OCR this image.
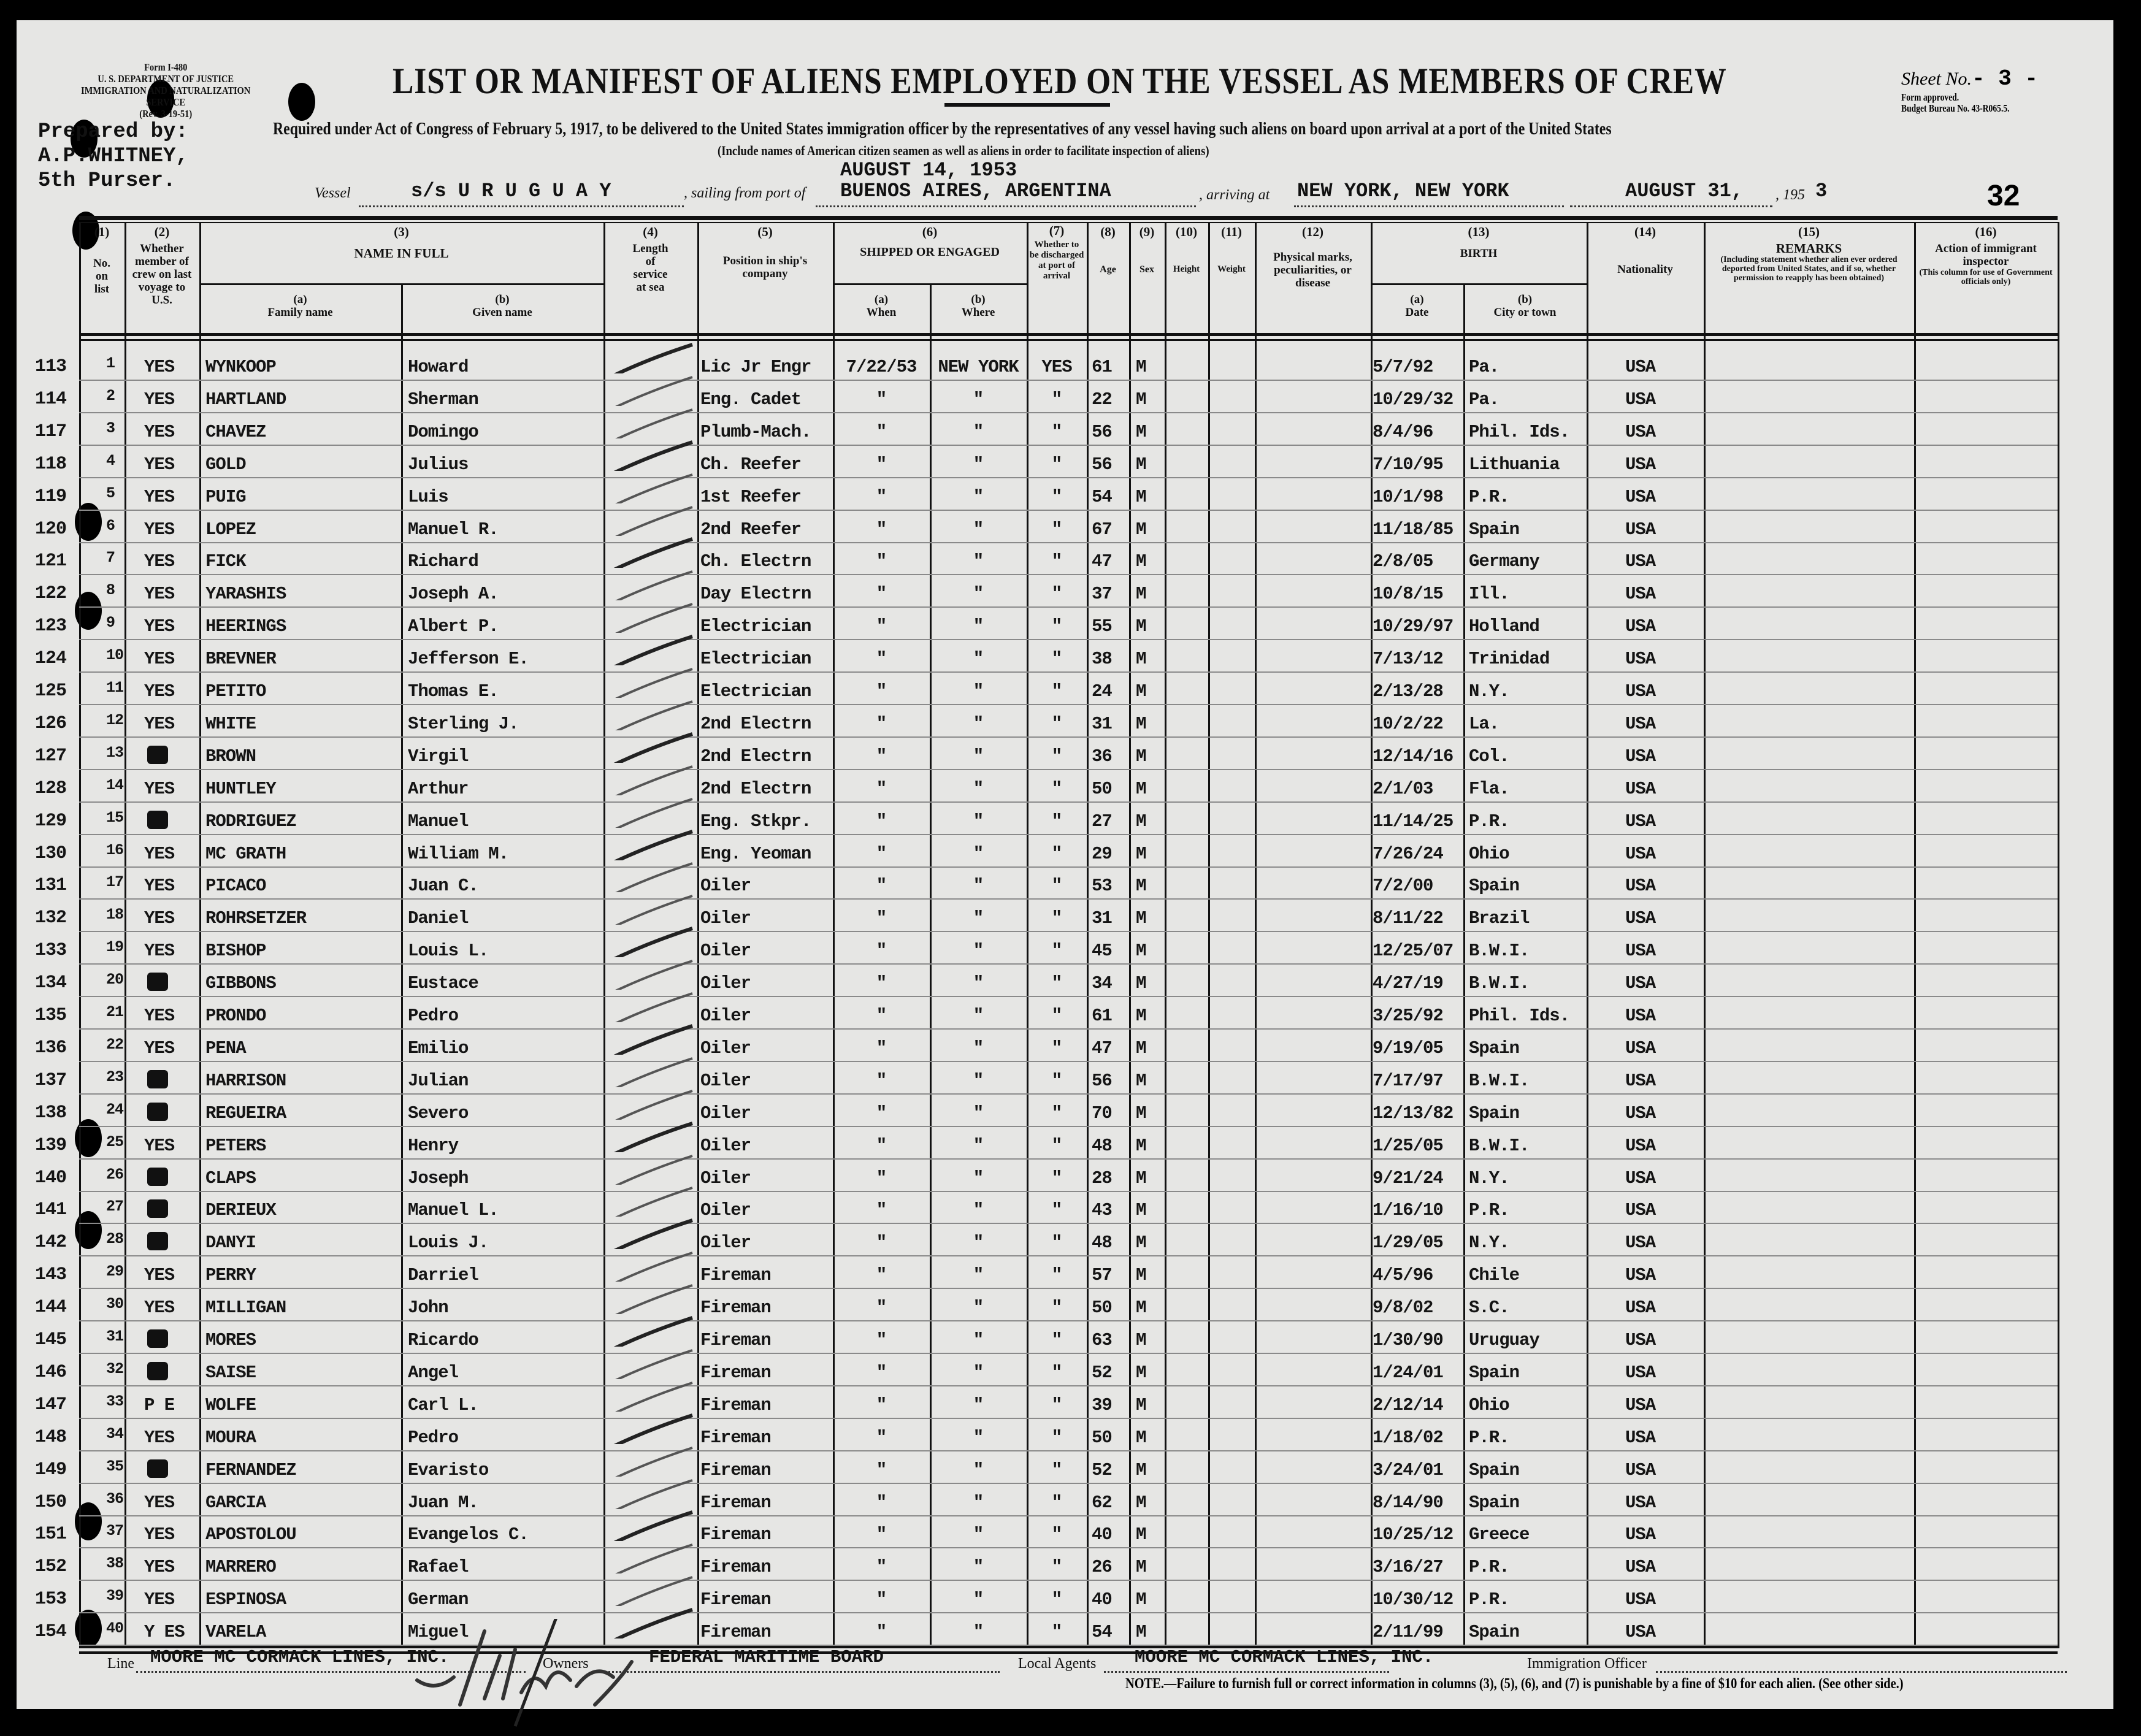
Form I-480
U. S. DEPARTMENT OF JUSTICE
IMMIGRATION AND NATURALIZATION SERVICE
(Rev. 3-19-51)
Prepared by:
A.P.WHITNEY,
5th Purser.
LIST OR MANIFEST OF ALIENS EMPLOYED ON THE VESSEL AS MEMBERS OF CREW
Required under Act of Congress of February 5, 1917, to be delivered to the United States immigration officer by the representatives of any vessel having such aliens on board upon arrival at a port of the United States
(Include names of American citizen seamen as well as aliens in order to facilitate inspection of aliens)
Sheet No.- 3 -
Form approved.
Budget Bureau No. 43-R065.5.
Vessel	s/s U R U G U A Y	, sailing from port of
AUGUST 14, 1953
BUENOS AIRES, ARGENTINA	, arriving at NEW YORK, NEW YORK	AUGUST 31, , 195 3	32
(1)
No. on list
(2)
Whether member of crew on last voyage to U.S.
(3)
NAME IN FULL
(a)
Family name
(b)
Given name
(4)
Length of service at sea
(5)
Position in ship's company
(6)
SHIPPED OR ENGAGED
(a)
When
(b)
Where
(7)
Whether to be discharged at port of arrival
(8)
Age
(9)
Sex
(10)
Height
(11)
Weight
(12)
Physical marks, peculiarities, or disease
(13)
BIRTH
(a)
Date
(b)
City or town
(14)
Nationality
(15)
REMARKS
(Including statement whether alien ever ordered deported from United States, and if so, whether permission to reapply has been obtained)
(16)
Action of immigrant inspector
(This column for use of Government officials only)
113	1 YES WYNKOOP	Howard	Lic Jr Engr	7/22/53	NEW YORK	YES	61 M	5/7/92 Pa.	USA
114	2 YES HARTLAND	Sherman	Eng. Cadet	"	"	"	22 M	10/29/32 Pa.	USA
117	3 YES CHAVEZ	Domingo	Plumb-Mach.	"	"	"	56 M	8/4/96 Phil. Ids.	USA
118	4 YES GOLD	Julius	Ch. Reefer	"	"	"	56 M	7/10/95 Lithuania	USA
119	5 YES PUIG	Luis	1st Reefer	"	"	"	54 M	10/1/98 P.R.	USA
120	6 YES LOPEZ	Manuel R.	2nd Reefer	"	"	"	67 M	11/18/85 Spain	USA
121	7 YES FICK	Richard	Ch. Electrn	"	"	"	47 M	2/8/05 Germany	USA
122	8 YES YARASHIS	Joseph A.	Day Electrn	"	"	"	37 M	10/8/15 Ill.	USA
123	9 YES HEERINGS	Albert P.	Electrician	"	"	"	55 M	10/29/97 Holland	USA
124	10 YES BREVNER	Jefferson E.	Electrician	"	"	"	38 M	7/13/12 Trinidad	USA
125	11 YES PETITO	Thomas E.	Electrician	"	"	"	24 M	2/13/28 N.Y.	USA
126	12 YES WHITE	Sterling J.	2nd Electrn	"	"	"	31 M	10/2/22 La.	USA
127	13	BROWN	Virgil	2nd Electrn	"	"	"	36 M	12/14/16 Col.	USA
128	14 YES HUNTLEY	Arthur	2nd Electrn	"	"	"	50 M	2/1/03 Fla.	USA
129	15	RODRIGUEZ	Manuel	Eng. Stkpr.	"	"	"	27 M	11/14/25 P.R.	USA
130	16 YES MC GRATH	William M.	Eng. Yeoman	"	"	"	29 M	7/26/24 Ohio	USA
131	17 YES PICACO	Juan C.	Oiler	"	"	"	53 M	7/2/00 Spain	USA
132	18 YES ROHRSETZER	Daniel	Oiler	"	"	"	31 M	8/11/22 Brazil	USA
133	19 YES BISHOP	Louis L.	Oiler	"	"	"	45 M	12/25/07 B.W.I.	USA
134	20	GIBBONS	Eustace	Oiler	"	"	"	34 M	4/27/19 B.W.I.	USA
135	21 YES PRONDO	Pedro	Oiler	"	"	"	61 M	3/25/92 Phil. Ids.	USA
136	22 YES PENA	Emilio	Oiler	"	"	"	47 M	9/19/05 Spain	USA
137	23	HARRISON	Julian	Oiler	"	"	"	56 M	7/17/97 B.W.I.	USA
138	24	REGUEIRA	Severo	Oiler	"	"	"	70 M	12/13/82 Spain	USA
139	25 YES PETERS	Henry	Oiler	"	"	"	48 M	1/25/05 B.W.I.	USA
140	26	CLAPS	Joseph	Oiler	"	"	"	28 M	9/21/24 N.Y.	USA
141	27	DERIEUX	Manuel L.	Oiler	"	"	"	43 M	1/16/10 P.R.	USA
142	28	DANYI	Louis J.	Oiler	"	"	"	48 M	1/29/05 N.Y.	USA
143	29 YES PERRY	Darriel	Fireman	"	"	"	57 M	4/5/96 Chile	USA
144	30 YES MILLIGAN	John	Fireman	"	"	"	50 M	9/8/02 S.C.	USA
145	31	MORES	Ricardo	Fireman	"	"	"	63 M	1/30/90 Uruguay	USA
146	32	SAISE	Angel	Fireman	"	"	"	52 M	1/24/01 Spain	USA
147	33 P E WOLFE	Carl L.	Fireman	"	"	"	39 M	2/12/14 Ohio	USA
148	34 YES MOURA	Pedro	Fireman	"	"	"	50 M	1/18/02 P.R.	USA
149	35	FERNANDEZ	Evaristo	Fireman	"	"	"	52 M	3/24/01 Spain	USA
150	36 YES GARCIA	Juan M.	Fireman	"	"	"	62 M	8/14/90 Spain	USA
151	37 YES APOSTOLOU	Evangelos C.	Fireman	"	"	"	40 M	10/25/12 Greece	USA
152	38 YES MARRERO	Rafael	Fireman	"	"	"	26 M	3/16/27 P.R.	USA
153	39 YES ESPINOSA	German	Fireman	"	"	"	40 M	10/30/12 P.R.	USA
154	40 Y ES VARELA	Miguel	Fireman	"	"	"	54 M	2/11/99 Spain	USA
Line MOORE MC CORMACK LINES, INC.	Owners	FEDERAL MARITIME BOARD	Local Agents MOORE MC CORMACK LINES, INC.	Immigration Officer
NOTE.—Failure to furnish full or correct information in columns (3), (5), (6), and (7) is punishable by a fine of $10 for each alien. (See other side.)
